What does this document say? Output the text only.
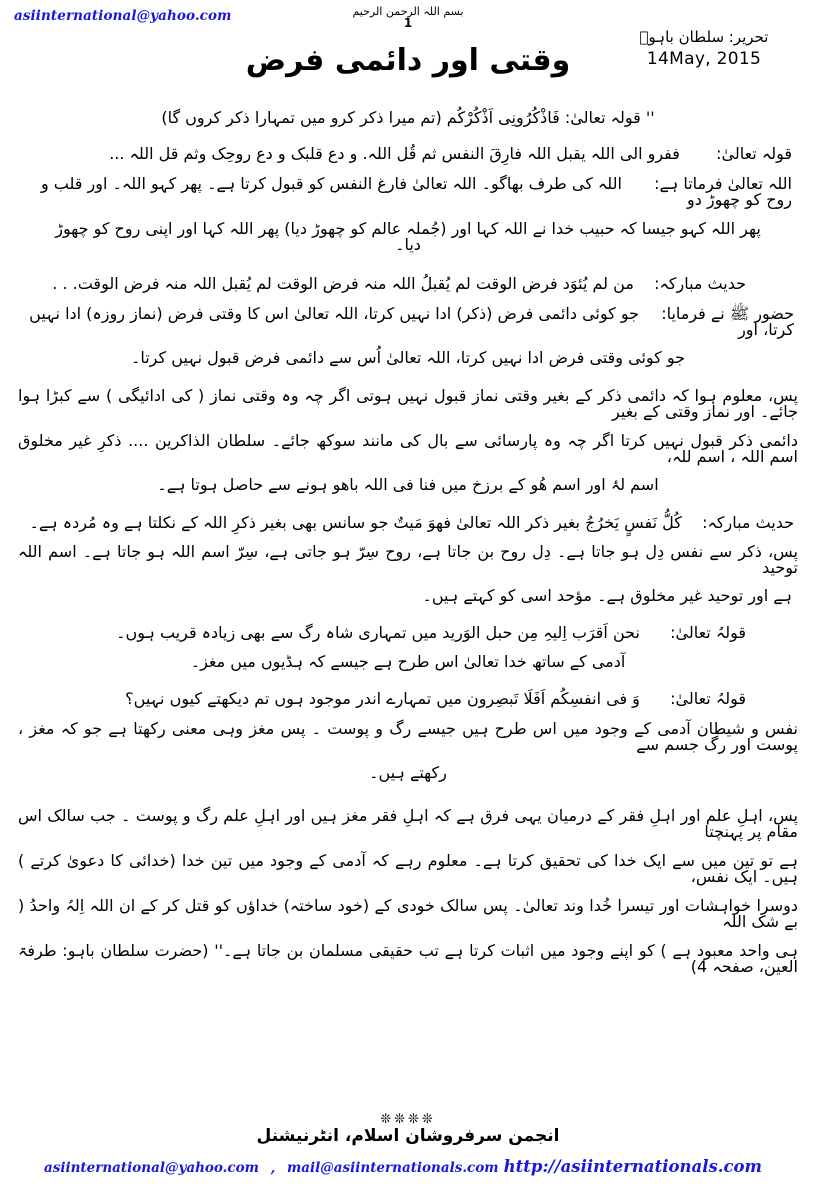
asiinternational@yahoo.com	بسم اللہ الرحمن الرحیم
1
تحریر: سلطان باہوؒ
14May, 2015
وقتی اور دائمی فرض
'' قولہ تعالیٰ: فَاذْکُرُونِی اَذْکُرْکُم (تم میرا ذکر کرو میں تمہارا ذکر کروں گا)
قولہ تعالیٰ:  ففرو الی اللہ یقبل اللہ فارِقَ النفس ثم قُل اللہ. و دع قلبک و دع روحِک وثم قل اللہ ...
اللہ تعالیٰ فرماتا ہے:  اللہ کی طرف بھاگو۔ اللہ تعالیٰ فارغ النفس کو قبول کرتا ہے۔ پھر کہو اللہ۔ اور قلب و روح کو چھوڑ دو
پھر اللہ کہو جیسا کہ حبیب خدا نے اللہ کہا اور (جُملہ عالم کو چھوڑ دیا) پھر اللہ کہا اور اپنی روح کو چھوڑ دیا۔
حدیث مبارکہ:  من لم یُئوَد فرض الوقت لم یُقبلُ اللہ منہ فرض الوقت لم یُقبل اللہ منہ فرض الوقت. . .
حضور ﷺ نے فرمایا:  جو کوئی دائمی فرض (ذکر) ادا نہیں کرتا، اللہ تعالیٰ اس کا وقتی فرض (نماز روزہ) ادا نہیں کرتا، اور
جو کوئی وقتی فرض ادا نہیں کرتا، اللہ تعالیٰ اُس سے دائمی فرض قبول نہیں کرتا۔
پس، معلوم ہوا کہ دائمی ذکر کے بغیر وقتی نماز قبول نہیں ہوتی اگر چہ وہ وقتی نماز ( کی ادائیگی ) سے کبڑا ہوا جائے۔ اور نماز وقتی کے بغیر
دائمی ذکر قبول نہیں کرتا اگر چہ وہ پارسائی سے بال کی مانند سوکھ جائے۔ سلطان الذاکرین .... ذکرِ غیر مخلوق اسم اللہ ، اسم للہ،
اسم لۂ اور اسم ھُو کے برزخ میں فنا فی اللہ باھو ہونے سے حاصل ہوتا ہے۔
حدیث مبارکہ:  کُلُّ نَفسٍ یَخرُجُ بغیر ذکر اللہ تعالیٰ فھوَ مَیتٌ جو سانس بھی بغیر ذکرِ اللہ کے نکلتا ہے وہ مُردہ ہے۔
پس، ذکر سے نفس دِل ہو جاتا ہے۔ دِل روح بن جاتا ہے، روح سِرّ ہو جاتی ہے، سِرّ اسم اللہ ہو جاتا ہے۔ اسم اللہ توحید
ہے اور توحید غیر مخلوق ہے۔ مؤحد اسی کو کہتے ہیں۔
قولہُ تعالیٰ:  نحن اَقرَب اِلیہِ مِن حبل الوَرید میں تمہاری شاہ رگ سے بھی زیادہ قریب ہوں۔
آدمی کے ساتھ خدا تعالیٰ اس طرح ہے جیسے کہ ہڈیوں میں مغز۔
قولہُ تعالیٰ:  وَ فی انفسِکُم اَفَلَا تَبصِرون میں تمہارے اندر موجود ہوں تم دیکھتے کیوں نہیں؟
نفس و شیطان آدمی کے وجود میں اس طرح ہیں جیسے رگ و پوست ۔ پس مغز وہی معنی رکھتا ہے جو کہ مغز ، پوست اور رگ جسم سے
رکھتے ہیں۔
پس، اہلِ علم اور اہلِ فقر کے درمیان یہی فرق ہے کہ اہلِ فقر مغز ہیں اور اہلِ علم رگ و پوست ۔ جب سالک اس مقام پر پہنچتا
ہے تو تین میں سے ایک خدا کی تحقیق کرتا ہے۔ معلوم رہے کہ آدمی کے وجود میں تین خدا (خدائی کا دعویٰ کرتے ) ہیں۔ ایک نفس،
دوسرا خواہشات اور تیسرا خُدا وند تعالیٰ۔ پس سالک خودی کے (خود ساختہ) خداؤں کو قتل کر کے ان اللہ اِلہُ واحدُ ( بے شک اللہ
ہی واحد معبود ہے ) کو اپنے وجود میں اثبات کرتا ہے تب حقیقی مسلمان بن جاتا ہے۔'' (حضرت سلطان باہو: طرفۃ العین، صفحہ 4)
❊❊❊❊
انجمن سرفروشان اسلام، انٹرنیشنل
asiinternational@yahoo.com , mail@asiinternationals.com http://asiinternationals.com
